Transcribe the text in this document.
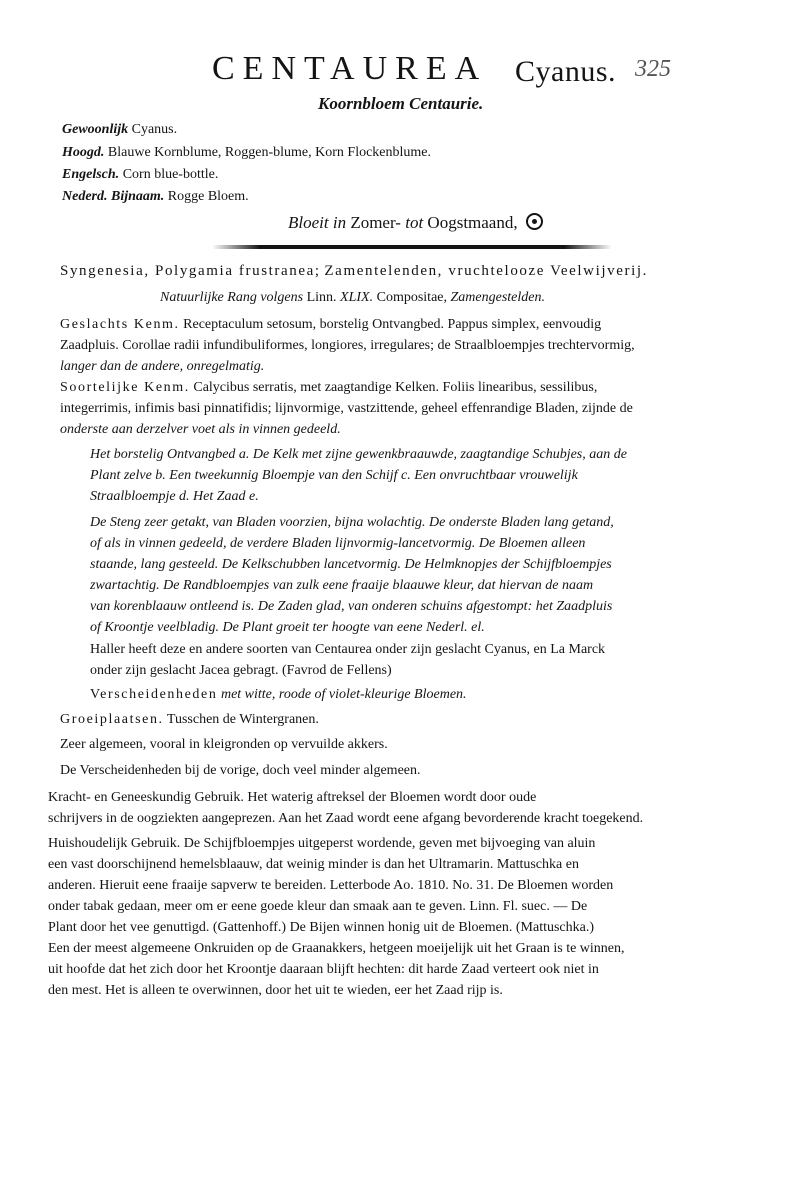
CENTAUREA Cyanus. 325
Koornbloem Centaurie.
Gewoonlijk Cyanus.
Hoogd. Blauwe Kornblume, Roggen-blume, Korn Flockenblume.
Engelsch. Corn blue-bottle.
Nederd. Bijnaam. Rogge Bloem.
Bloeit in Zomer- tot Oogstmaand,
Syngenesia, Polygamia frustranea; Zamentelenden, vruchtelooze Veelwijverij.
Natuurlijke Rang volgens Linn. XLIX. Compositae, Zamengestelden.
Geslachts Kenm. Receptaculum setosum, borstelig Ontvangbed. Pappus simplex, eenvoudig
Zaadpluis. Corollae radii infundibuliformes, longiores, irregulares; de Straalbloempjes trechtervormig,
langer dan de andere, onregelmatig.
Soortelijke Kenm. Calycibus serratis, met zaagtandige Kelken. Foliis linearibus, sessilibus,
integerrimis, infimis basi pinnatifidis; lijnvormige, vastzittende, geheel effenrandige Bladen, zijnde de
onderste aan derzelver voet als in vinnen gedeeld.
Het borstelig Ontvangbed a. De Kelk met zijne gewenkbraauwde, zaagtandige Schubjes, aan de
Plant zelve b. Een tweekunnig Bloempje van den Schijf c. Een onvruchtbaar vrouwelijk
Straalbloempje d. Het Zaad e.
De Steng zeer getakt, van Bladen voorzien, bijna wolachtig. De onderste Bladen lang getand,
of als in vinnen gedeeld, de verdere Bladen lijnvormig-lancetvormig. De Bloemen alleen
staande, lang gesteeld. De Kelkschubben lancetvormig. De Helmknopjes der Schijfbloempjes
zwartachtig. De Randbloempjes van zulk eene fraaije blaauwe kleur, dat hiervan de naam
van korenblaauw ontleend is. De Zaden glad, van onderen schuins afgestompt: het Zaadpluis
of Kroontje veelbladig. De Plant groeit ter hoogte van eene Nederl. el.
Haller heeft deze en andere soorten van Centaurea onder zijn geslacht Cyanus, en La Marck
onder zijn geslacht Jacea gebragt. (Favrod de Fellens)
Verscheidenheden met witte, roode of violet-kleurige Bloemen.
Groeiplaatsen. Tusschen de Wintergranen.
Zeer algemeen, vooral in kleigronden op vervuilde akkers.
De Verscheidenheden bij de vorige, doch veel minder algemeen.
Kracht- en Geneeskundig Gebruik. Het waterig aftreksel der Bloemen wordt door oude
schrijvers in de oogziekten aangeprezen. Aan het Zaad wordt eene afgang bevorderende kracht toegekend.
Huishoudelijk Gebruik. De Schijfbloempjes uitgeperst wordende, geven met bijvoeging van aluin
een vast doorschijnend hemelsblaauw, dat weinig minder is dan het Ultramarin. Mattuschka en
anderen. Hieruit eene fraaije sapverw te bereiden. Letterbode Ao. 1810. No. 31. De Bloemen worden
onder tabak gedaan, meer om er eene goede kleur dan smaak aan te geven. Linn. Fl. suec. — De
Plant door het vee genuttigd. (Gattenhoff.) De Bijen winnen honig uit de Bloemen. (Mattuschka.)
Een der meest algemeene Onkruiden op de Graanakkers, hetgeen moeijelijk uit het Graan is te winnen,
uit hoofde dat het zich door het Kroontje daaraan blijft hechten: dit harde Zaad verteert ook niet in
den mest. Het is alleen te overwinnen, door het uit te wieden, eer het Zaad rijp is.
